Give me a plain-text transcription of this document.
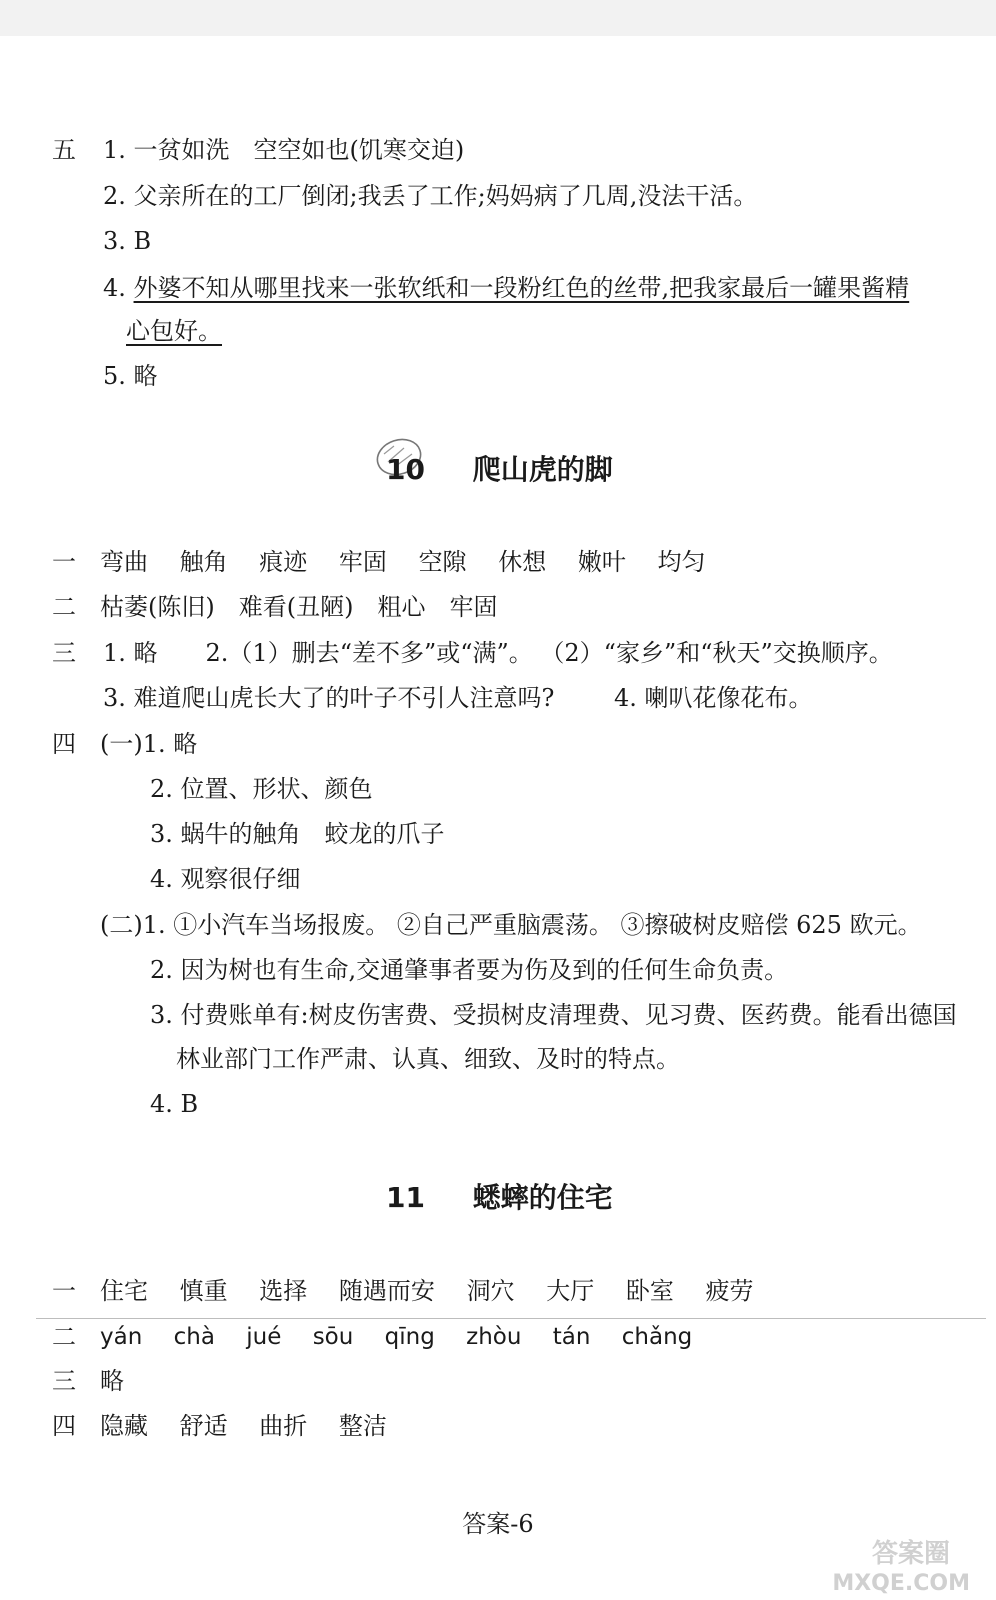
五 1. 一贫如洗　空空如也(饥寒交迫)
2. 父亲所在的工厂倒闭;我丢了工作;妈妈病了几周,没法干活。
3. B
4. 外婆不知从哪里找来一张软纸和一段粉红色的丝带,把我家最后一罐果酱精
心包好。
5. 略
10 爬山虎的脚
一 弯曲 触角 痕迹 牢固 空隙 休想 嫩叶 均匀
二 枯萎(陈旧)　难看(丑陋)　粗心　牢固
三 1. 略　　2.（1）删去“差不多”或“满”。 （2）“家乡”和“秋天”交换顺序。
3. 难道爬山虎长大了的叶子不引人注意吗? 4. 喇叭花像花布。
四 (一)1. 略
2. 位置、形状、颜色
3. 蜗牛的触角　蛟龙的爪子
4. 观察很仔细
(二)1. ①小汽车当场报废。 ②自己严重脑震荡。 ③擦破树皮赔偿 625 欧元。
2. 因为树也有生命,交通肇事者要为伤及到的任何生命负责。
3. 付费账单有:树皮伤害费、受损树皮清理费、见习费、医药费。能看出德国
林业部门工作严肃、认真、细致、及时的特点。
4. B
11 蟋蟀的住宅
一 住宅 慎重 选择 随遇而安 洞穴 大厅 卧室 疲劳
二 yán chà jué sōu qīng zhòu tán chǎng
三 略
四 隐藏 舒适 曲折 整洁
答案-6
答案圈
MXQE.COM
